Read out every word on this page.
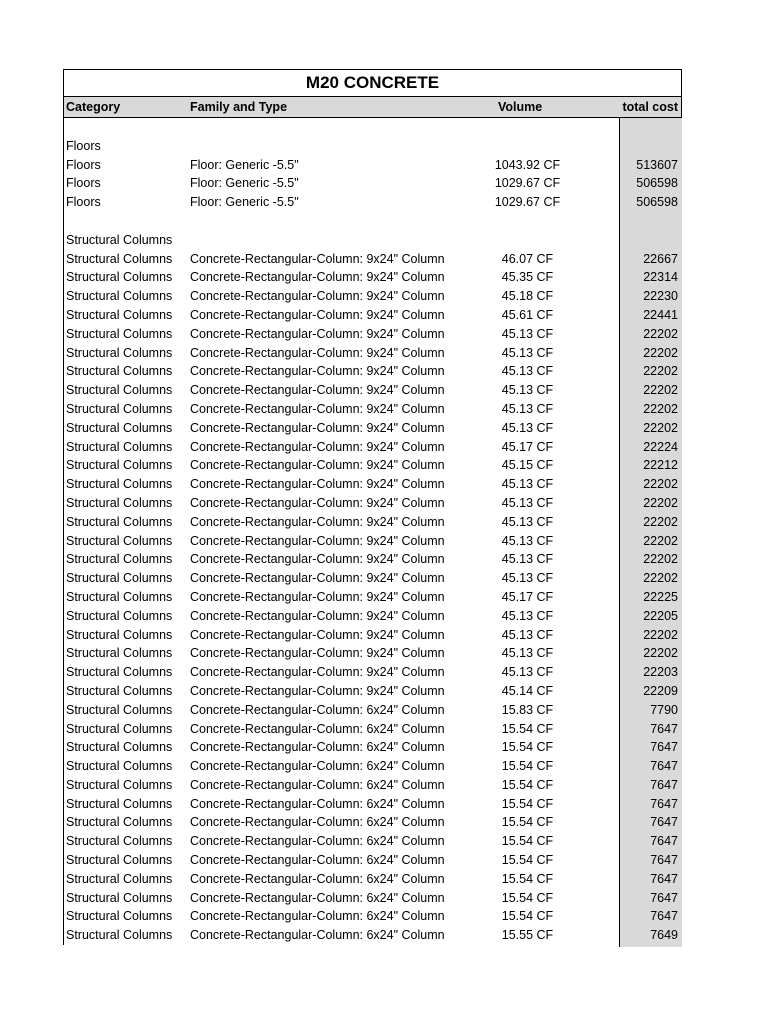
M20 CONCRETE
Category	Family and Type	Volume	total cost
Floors
Floors	Floor: Generic -5.5"	1043.92 CF	513607
Floors	Floor: Generic -5.5"	1029.67 CF	506598
Floors	Floor: Generic -5.5"	1029.67 CF	506598
Structural Columns
Structural Columns Concrete-Rectangular-Column: 9x24" Column	46.07 CF	22667
Structural Columns Concrete-Rectangular-Column: 9x24" Column	45.35 CF	22314
Structural Columns Concrete-Rectangular-Column: 9x24" Column	45.18 CF	22230
Structural Columns Concrete-Rectangular-Column: 9x24" Column	45.61 CF	22441
Structural Columns Concrete-Rectangular-Column: 9x24" Column	45.13 CF	22202
Structural Columns Concrete-Rectangular-Column: 9x24" Column	45.13 CF	22202
Structural Columns Concrete-Rectangular-Column: 9x24" Column	45.13 CF	22202
Structural Columns Concrete-Rectangular-Column: 9x24" Column	45.13 CF	22202
Structural Columns Concrete-Rectangular-Column: 9x24" Column	45.13 CF	22202
Structural Columns Concrete-Rectangular-Column: 9x24" Column	45.13 CF	22202
Structural Columns Concrete-Rectangular-Column: 9x24" Column	45.17 CF	22224
Structural Columns Concrete-Rectangular-Column: 9x24" Column	45.15 CF	22212
Structural Columns Concrete-Rectangular-Column: 9x24" Column	45.13 CF	22202
Structural Columns Concrete-Rectangular-Column: 9x24" Column	45.13 CF	22202
Structural Columns Concrete-Rectangular-Column: 9x24" Column	45.13 CF	22202
Structural Columns Concrete-Rectangular-Column: 9x24" Column	45.13 CF	22202
Structural Columns Concrete-Rectangular-Column: 9x24" Column	45.13 CF	22202
Structural Columns Concrete-Rectangular-Column: 9x24" Column	45.13 CF	22202
Structural Columns Concrete-Rectangular-Column: 9x24" Column	45.17 CF	22225
Structural Columns Concrete-Rectangular-Column: 9x24" Column	45.13 CF	22205
Structural Columns Concrete-Rectangular-Column: 9x24" Column	45.13 CF	22202
Structural Columns Concrete-Rectangular-Column: 9x24" Column	45.13 CF	22202
Structural Columns Concrete-Rectangular-Column: 9x24" Column	45.13 CF	22203
Structural Columns Concrete-Rectangular-Column: 9x24" Column	45.14 CF	22209
Structural Columns Concrete-Rectangular-Column: 6x24" Column	15.83 CF	7790
Structural Columns Concrete-Rectangular-Column: 6x24" Column	15.54 CF	7647
Structural Columns Concrete-Rectangular-Column: 6x24" Column	15.54 CF	7647
Structural Columns Concrete-Rectangular-Column: 6x24" Column	15.54 CF	7647
Structural Columns Concrete-Rectangular-Column: 6x24" Column	15.54 CF	7647
Structural Columns Concrete-Rectangular-Column: 6x24" Column	15.54 CF	7647
Structural Columns Concrete-Rectangular-Column: 6x24" Column	15.54 CF	7647
Structural Columns Concrete-Rectangular-Column: 6x24" Column	15.54 CF	7647
Structural Columns Concrete-Rectangular-Column: 6x24" Column	15.54 CF	7647
Structural Columns Concrete-Rectangular-Column: 6x24" Column	15.54 CF	7647
Structural Columns Concrete-Rectangular-Column: 6x24" Column	15.54 CF	7647
Structural Columns Concrete-Rectangular-Column: 6x24" Column	15.54 CF	7647
Structural Columns Concrete-Rectangular-Column: 6x24" Column	15.55 CF	7649
